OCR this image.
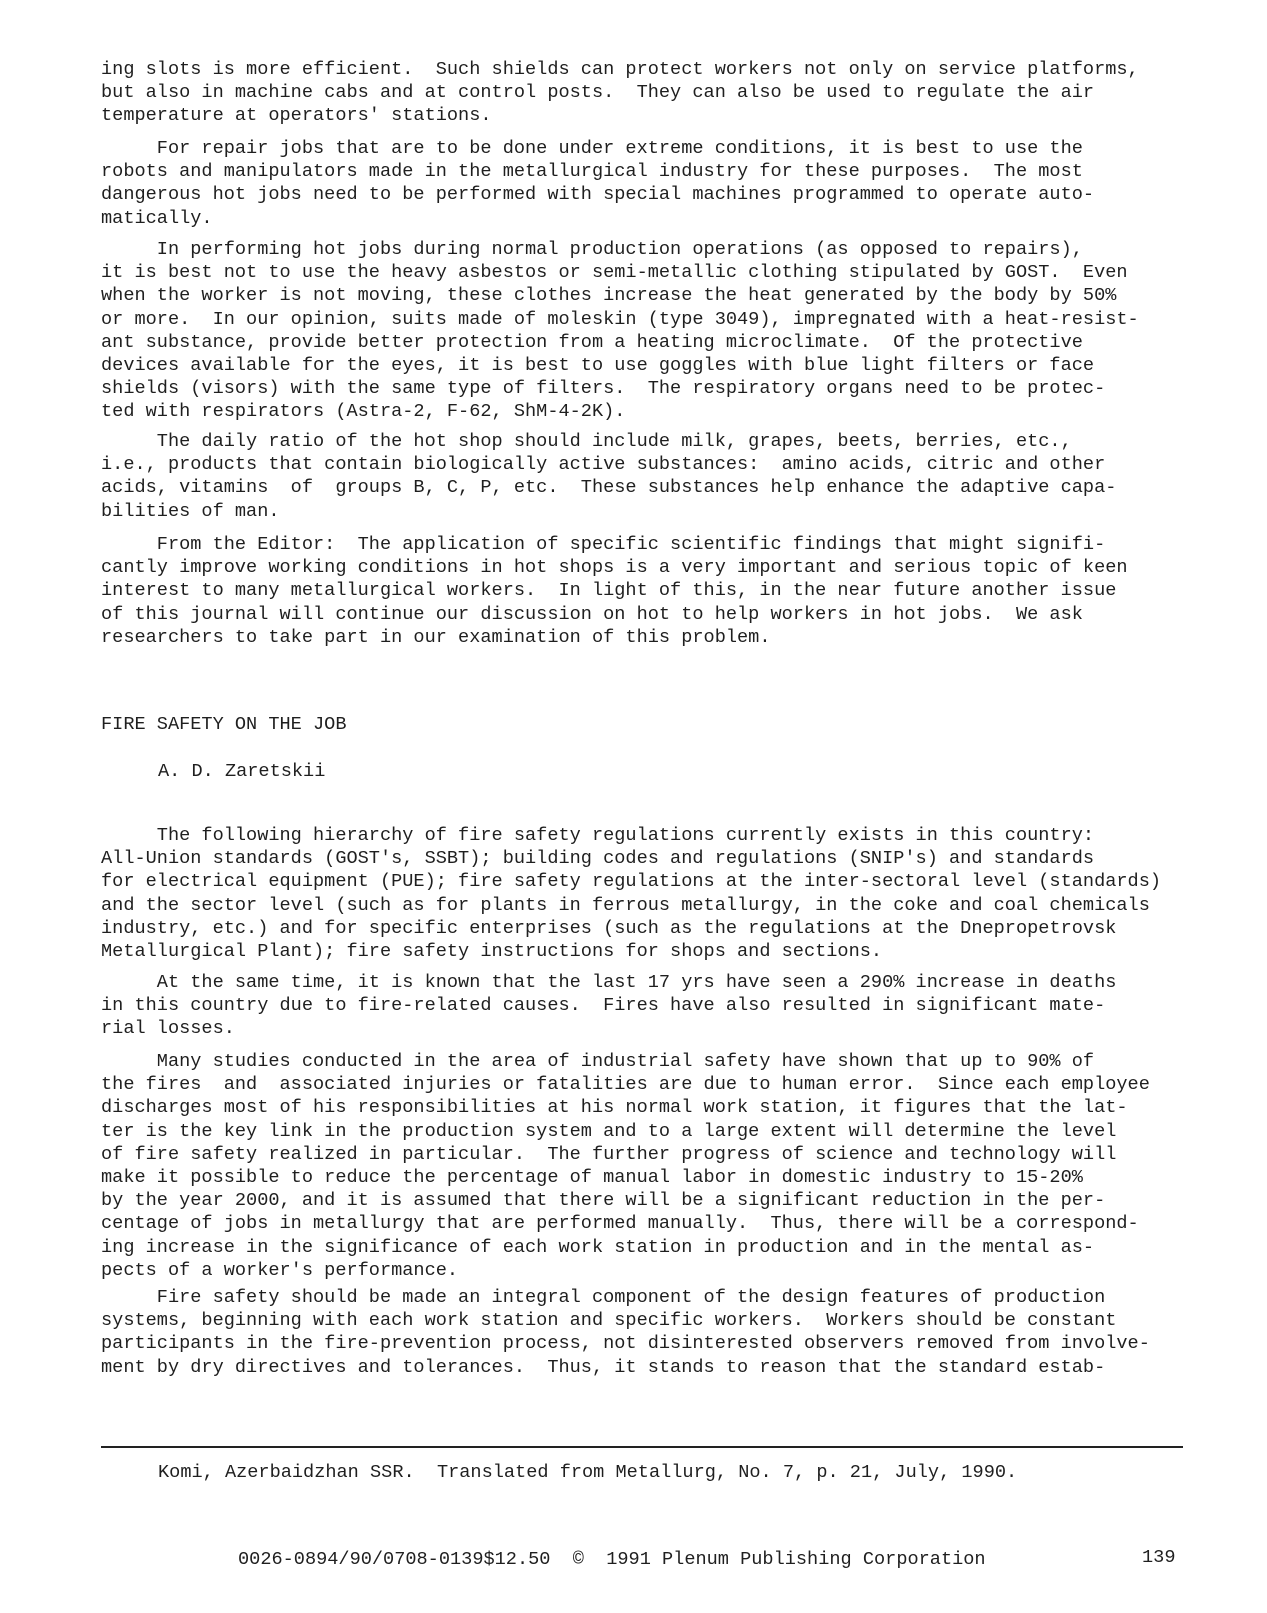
ing slots is more efficient.  Such shields can protect workers not only on service platforms,
but also in machine cabs and at control posts.  They can also be used to regulate the air
temperature at operators' stations.

For repair jobs that are to be done under extreme conditions, it is best to use the
robots and manipulators made in the metallurgical industry for these purposes.  The most
dangerous hot jobs need to be performed with special machines programmed to operate auto-
matically.

In performing hot jobs during normal production operations (as opposed to repairs),
it is best not to use the heavy asbestos or semi-metallic clothing stipulated by GOST.  Even
when the worker is not moving, these clothes increase the heat generated by the body by 50%
or more.  In our opinion, suits made of moleskin (type 3049), impregnated with a heat-resist-
ant substance, provide better protection from a heating microclimate.  Of the protective
devices available for the eyes, it is best to use goggles with blue light filters or face
shields (visors) with the same type of filters.  The respiratory organs need to be protec-
ted with respirators (Astra-2, F-62, ShM-4-2K).

The daily ratio of the hot shop should include milk, grapes, beets, berries, etc.,
i.e., products that contain biologically active substances:  amino acids, citric and other
acids, vitamins  of  groups B, C, P, etc.  These substances help enhance the adaptive capa-
bilities of man.

From the Editor:  The application of specific scientific findings that might signifi-
cantly improve working conditions in hot shops is a very important and serious topic of keen
interest to many metallurgical workers.  In light of this, in the near future another issue
of this journal will continue our discussion on hot to help workers in hot jobs.  We ask
researchers to take part in our examination of this problem.

FIRE SAFETY ON THE JOB
A. D. Zaretskii

The following hierarchy of fire safety regulations currently exists in this country:
All-Union standards (GOST's, SSBT); building codes and regulations (SNIP's) and standards
for electrical equipment (PUE); fire safety regulations at the inter-sectoral level (standards)
and the sector level (such as for plants in ferrous metallurgy, in the coke and coal chemicals
industry, etc.) and for specific enterprises (such as the regulations at the Dnepropetrovsk
Metallurgical Plant); fire safety instructions for shops and sections.

At the same time, it is known that the last 17 yrs have seen a 290% increase in deaths
in this country due to fire-related causes.  Fires have also resulted in significant mate-
rial losses.

Many studies conducted in the area of industrial safety have shown that up to 90% of
the fires  and  associated injuries or fatalities are due to human error.  Since each employee
discharges most of his responsibilities at his normal work station, it figures that the lat-
ter is the key link in the production system and to a large extent will determine the level
of fire safety realized in particular.  The further progress of science and technology will
make it possible to reduce the percentage of manual labor in domestic industry to 15-20%
by the year 2000, and it is assumed that there will be a significant reduction in the per-
centage of jobs in metallurgy that are performed manually.  Thus, there will be a correspond-
ing increase in the significance of each work station in production and in the mental as-
pects of a worker's performance.

Fire safety should be made an integral component of the design features of production
systems, beginning with each work station and specific workers.  Workers should be constant
participants in the fire-prevention process, not disinterested observers removed from involve-
ment by dry directives and tolerances.  Thus, it stands to reason that the standard estab-

Komi, Azerbaidzhan SSR.  Translated from Metallurg, No. 7, p. 21, July, 1990.
0026-0894/90/0708-0139$12.50  ©  1991 Plenum Publishing Corporation	139
